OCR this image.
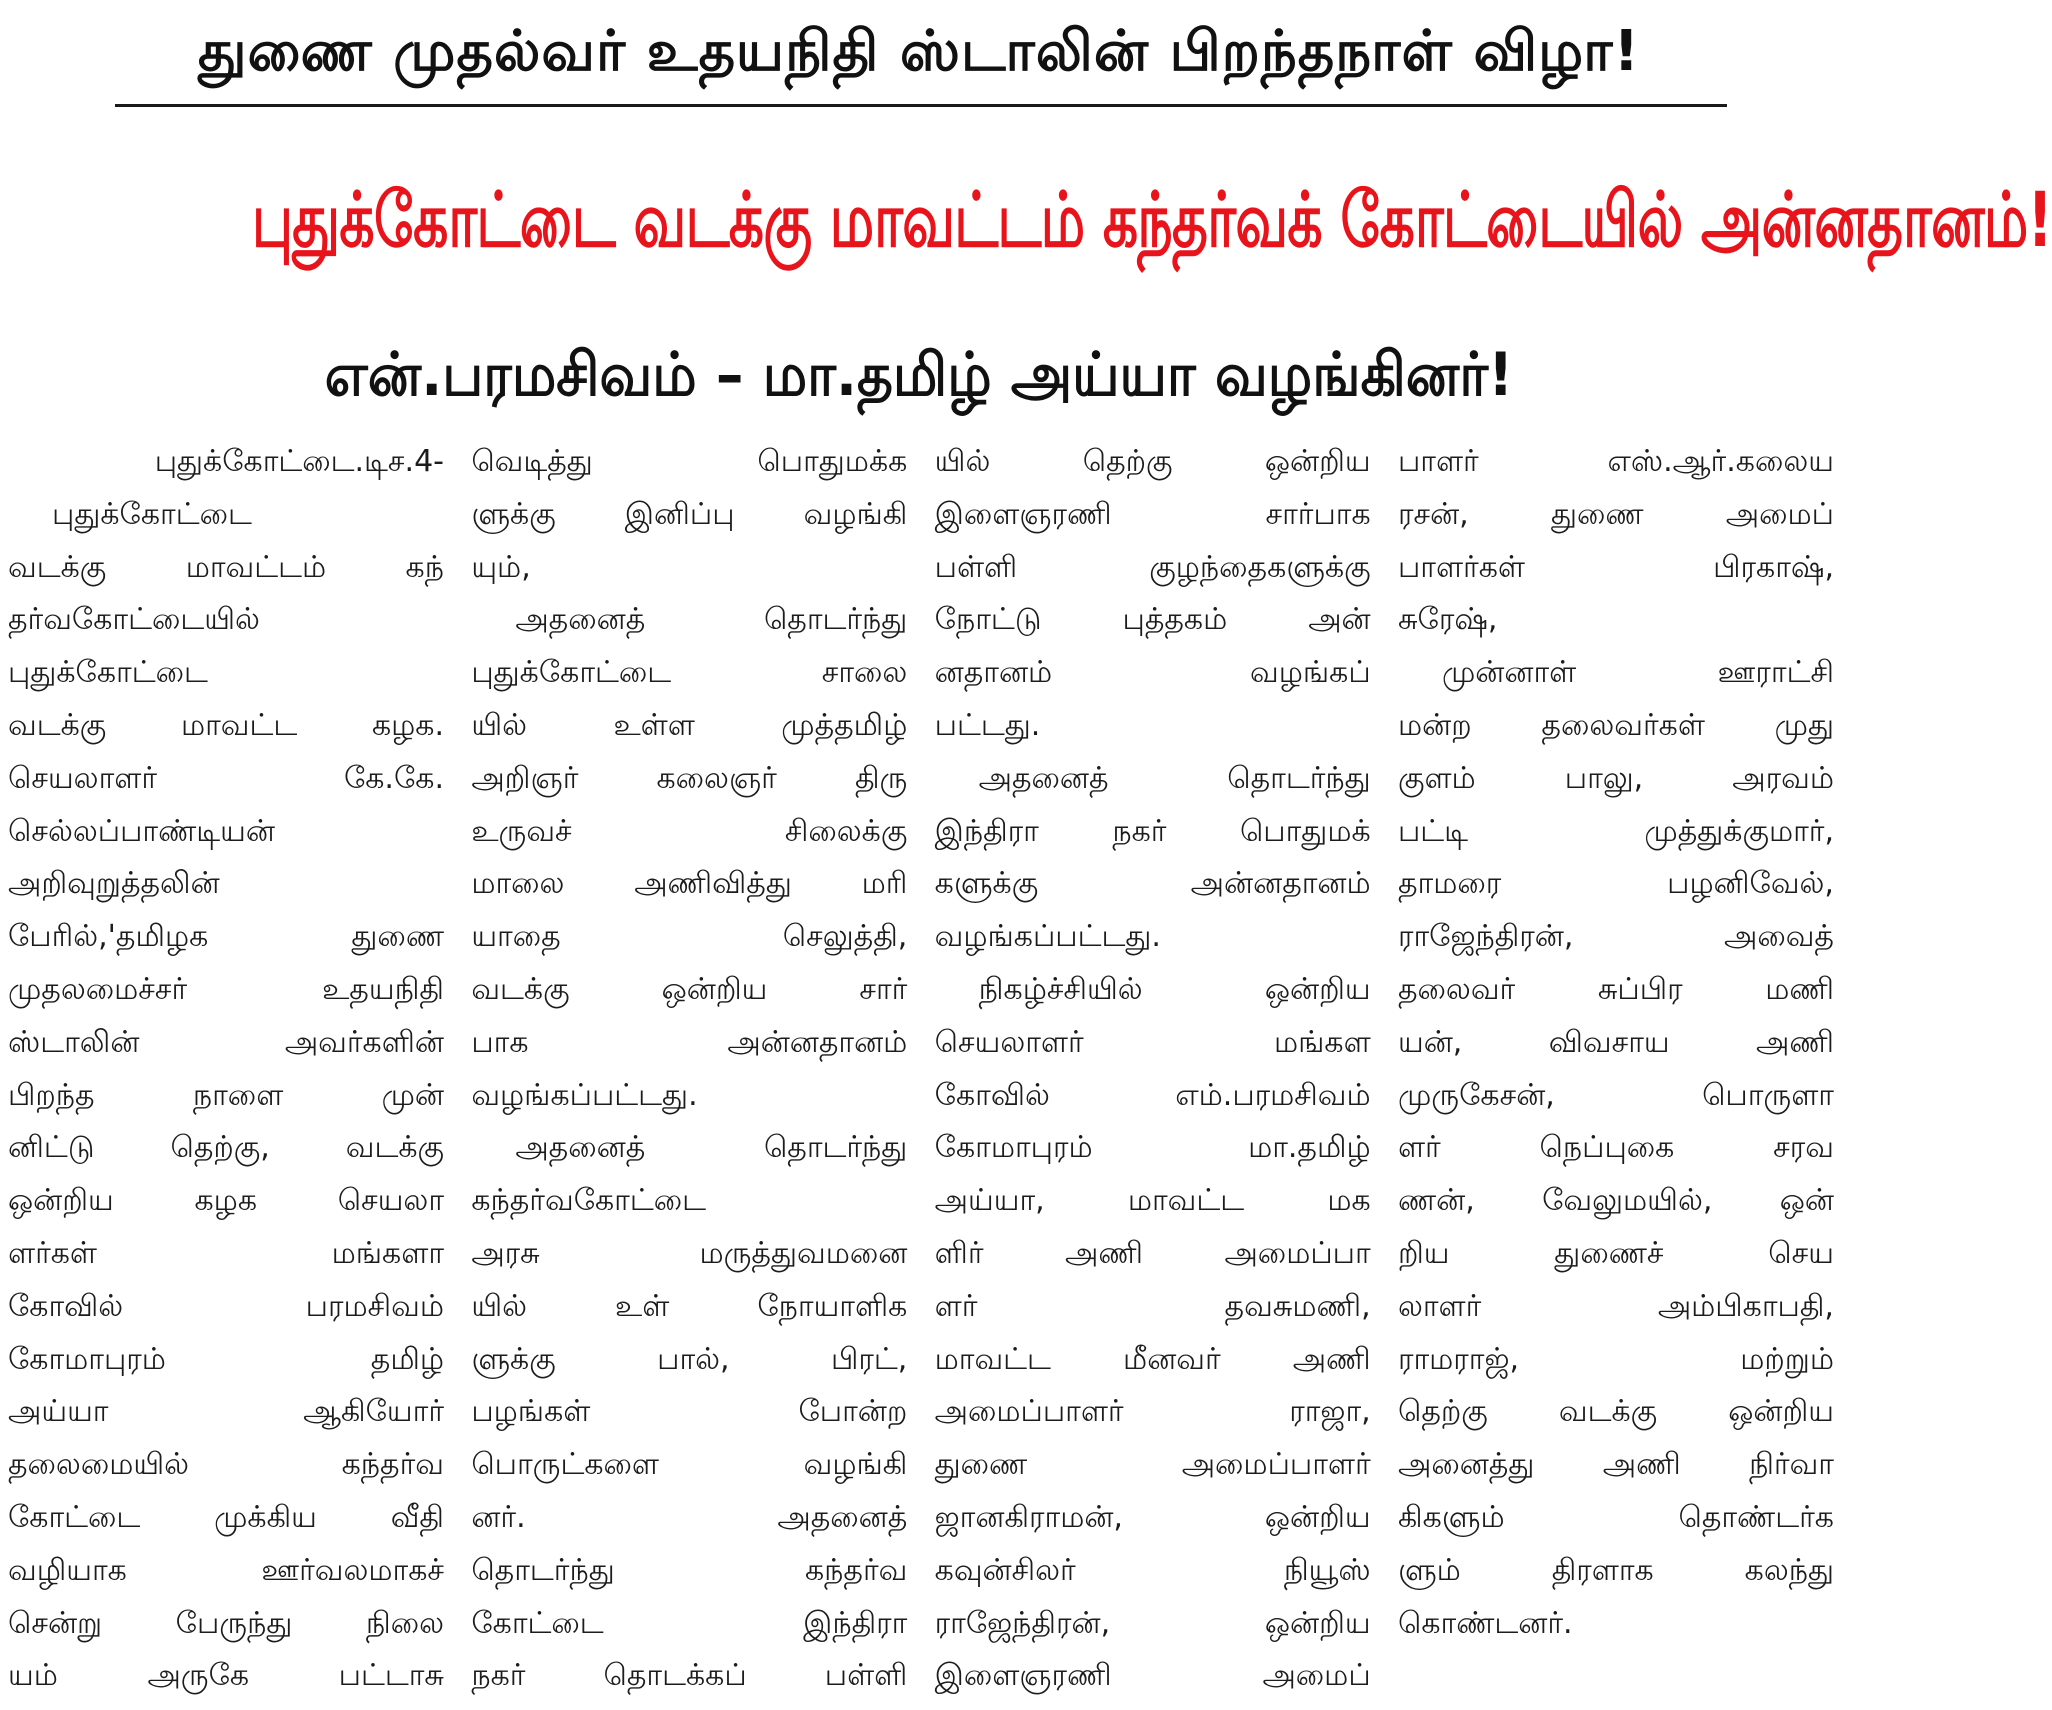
துணை முதல்வர் உதயநிதி ஸ்டாலின் பிறந்தநாள் விழா!
புதுக்கோட்டை வடக்கு மாவட்டம் கந்தர்வக் கோட்டையில் அன்னதானம்!
என்.பரமசிவம் – மா.தமிழ் அய்யா வழங்கினர்!
புதுக்கோட்டை.டிச.4-
புதுக்கோட்டை
வடக்கு மாவட்டம் கந்
தர்வகோட்டையில்
புதுக்கோட்டை
வடக்கு மாவட்ட கழக.
செயலாளர் கே.கே.
செல்லப்பாண்டியன்
அறிவுறுத்தலின்
பேரில்,'தமிழக துணை
முதலமைச்சர் உதயநிதி
ஸ்டாலின் அவர்களின்
பிறந்த நாளை முன்
னிட்டு தெற்கு, வடக்கு
ஒன்றிய கழக செயலா
ளர்கள் மங்களா
கோவில் பரமசிவம்
கோமாபுரம் தமிழ்
அய்யா ஆகியோர்
தலைமையில் கந்தர்வ
கோட்டை முக்கிய வீதி
வழியாக ஊர்வலமாகச்
சென்று பேருந்து நிலை
யம் அருகே பட்டாசு
வெடித்து பொதுமக்க
ளுக்கு இனிப்பு வழங்கி
யும்,
அதனைத் தொடர்ந்து
புதுக்கோட்டை சாலை
யில் உள்ள முத்தமிழ்
அறிஞர் கலைஞர் திரு
உருவச் சிலைக்கு
மாலை அணிவித்து மரி
யாதை செலுத்தி,
வடக்கு ஒன்றிய சார்
பாக அன்னதானம்
வழங்கப்பட்டது.
அதனைத் தொடர்ந்து
கந்தர்வகோட்டை
அரசு மருத்துவமனை
யில் உள் நோயாளிக
ளுக்கு பால், பிரட்,
பழங்கள் போன்ற
பொருட்களை வழங்கி
னர். அதனைத்
தொடர்ந்து கந்தர்வ
கோட்டை இந்திரா
நகர் தொடக்கப் பள்ளி
யில் தெற்கு ஒன்றிய
இளைஞரணி சார்பாக
பள்ளி குழந்தைகளுக்கு
நோட்டு புத்தகம் அன்
னதானம் வழங்கப்
பட்டது.
அதனைத் தொடர்ந்து
இந்திரா நகர் பொதுமக்
களுக்கு அன்னதானம்
வழங்கப்பட்டது.
நிகழ்ச்சியில் ஒன்றிய
செயலாளர் மங்கள
கோவில் எம்.பரமசிவம்
கோமாபுரம் மா.தமிழ்
அய்யா, மாவட்ட மக
ளிர் அணி அமைப்பா
ளர் தவசுமணி,
மாவட்ட மீனவர் அணி
அமைப்பாளர் ராஜா,
துணை அமைப்பாளர்
ஜானகிராமன், ஒன்றிய
கவுன்சிலர் நியூஸ்
ராஜேந்திரன், ஒன்றிய
இளைஞரணி அமைப்
பாளர் எஸ்.ஆர்.கலைய
ரசன், துணை அமைப்
பாளர்கள் பிரகாஷ்,
சுரேஷ்,
முன்னாள் ஊராட்சி
மன்ற தலைவர்கள் முது
குளம் பாலு, அரவம்
பட்டி முத்துக்குமார்,
தாமரை பழனிவேல்,
ராஜேந்திரன், அவைத்
தலைவர் சுப்பிர மணி
யன், விவசாய அணி
முருகேசன், பொருளா
ளர் நெப்புகை சரவ
ணன், வேலுமயில், ஒன்
றிய துணைச் செய
லாளர் அம்பிகாபதி,
ராமராஜ், மற்றும்
தெற்கு வடக்கு ஒன்றிய
அனைத்து அணி நிர்வா
கிகளும் தொண்டர்க
ளும் திரளாக கலந்து
கொண்டனர்.
